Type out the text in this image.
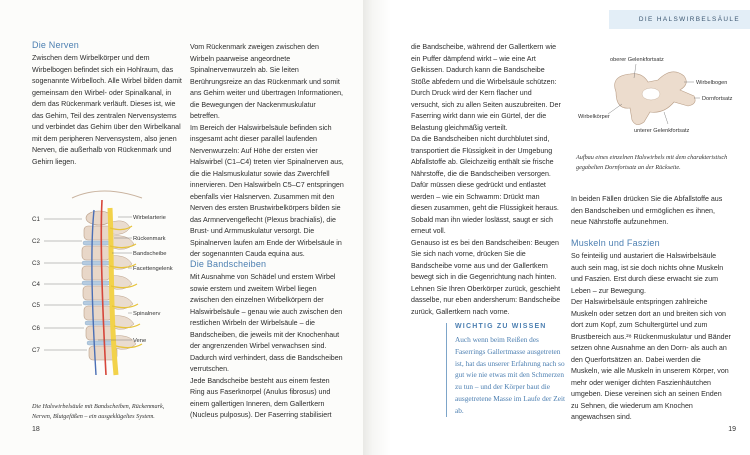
Die Nerven

Zwischen dem Wirbelkörper und dem Wirbelbogen befindet sich ein Hohlraum, das sogenannte Wirbelloch. Alle Wirbel bilden damit gemeinsam den Wirbel- oder Spinalkanal, in dem das Rückenmark verläuft. Dieses ist, wie das Gehirn, Teil des zentralen Nervensystems und verbindet das Gehirn über den Wirbelkanal mit dem peripheren Nervensystem, also jenen Nerven, die außerhalb von Rückenmark und Gehirn liegen.

C1
C2
C3
C4
C5
C6
C7
Wirbelarterie
Rückenmark
Bandscheibe
Facettengelenk
Spinalnerv
Vene
Die Halswirbelsäule mit Bandscheiben, Rückenmark, Nerven, Blutgefäßen – ein ausgeklügeltes System.

Vom Rückenmark zweigen zwischen den Wirbeln paarweise angeordnete Spinalnervenwurzeln ab. Sie leiten Berührungsreize an das Rückenmark und somit ans Gehirn weiter und übertragen Informationen, die Bewegungen der Nackenmuskulatur betreffen.

Im Bereich der Halswirbelsäule befinden sich insgesamt acht dieser parallel laufenden Nervenwurzeln: Auf Höhe der ersten vier Halswirbel (C1–C4) treten vier Spinalnerven aus, die die Halsmuskulatur sowie das Zwerchfell innervieren. Den Halswirbeln C5–C7 entspringen ebenfalls vier Halsnerven. Zusammen mit den Nerven des ersten Brustwirbelkörpers bilden sie das Armnervengeflecht (Plexus brachialis), die Brust- und Armmuskulatur versorgt. Die Spinalnerven laufen am Ende der Wirbelsäule in der sogenannten Cauda equina aus.

Die Bandscheiben

Mit Ausnahme von Schädel und erstem Wirbel sowie erstem und zweitem Wirbel liegen zwischen den einzelnen Wirbelkörpern der Halswirbelsäule – genau wie auch zwischen den restlichen Wirbeln der Wirbelsäule – die Bandscheiben, die jeweils mit der Knochenhaut der angrenzenden Wirbel verwachsen sind. Dadurch wird verhindert, dass die Bandscheiben verrutschen.

Jede Bandscheibe besteht aus einem festen Ring aus Faserknorpel (Anulus fibrosus) und einem gallertigen Inneren, dem Gallertkern (Nucleus pulposus). Der Faserring stabilisiert

18
DIE HALSWIRBELSÄULE

die Bandscheibe, während der Gallertkern wie ein Puffer dämpfend wirkt – wie eine Art Gelkissen. Dadurch kann die Bandscheibe Stöße abfedern und die Wirbelsäule schützen: Durch Druck wird der Kern flacher und versucht, sich zu allen Seiten auszubreiten. Der Faserring wirkt dann wie ein Gürtel, der die Belastung gleichmäßig verteilt.

Da die Bandscheiben nicht durchblutet sind, transportiert die Flüssigkeit in der Umgebung Abfallstoffe ab. Gleichzeitig enthält sie frische Nährstoffe, die die Bandscheiben versorgen. Dafür müssen diese gedrückt und entlastet werden – wie ein Schwamm: Drückt man diesen zusammen, geht die Flüssigkeit heraus. Sobald man ihn wieder loslässt, saugt er sich erneut voll.

Genauso ist es bei den Bandscheiben: Beugen Sie sich nach vorne, drücken Sie die Bandscheibe vorne aus und der Gallertkern bewegt sich in die Gegenrichtung nach hinten. Lehnen Sie Ihren Oberkörper zurück, geschieht dasselbe, nur eben andersherum: Bandscheibe zurück, Gallertkern nach vorne.

WICHTIG ZU WISSEN
Auch wenn beim Reißen des Faserrings Gallertmasse ausgetreten ist, hat das unserer Erfahrung nach so gut wie nie etwas mit den Schmerzen zu tun – und der Körper baut die ausgetretene Masse im Laufe der Zeit ab.
oberer Gelenkfortsatz
Wirbelbogen
Dornfortsatz
Wirbelkörper
unterer Gelenkfortsatz
Aufbau eines einzelnen Halswirbels mit dem charakteristisch gegabelten Dornfortsatz an der Rückseite.

In beiden Fällen drücken Sie die Abfallstoffe aus den Bandscheiben und ermöglichen es ihnen, neue Nährstoffe aufzunehmen.

Muskeln und Faszien

So feinteilig und austariert die Halswirbelsäule auch sein mag, ist sie doch nichts ohne Muskeln und Faszien. Erst durch diese erwacht sie zum Leben – zur Bewegung.

Der Halswirbelsäule entspringen zahlreiche Muskeln oder setzen dort an und breiten sich von dort zum Kopf, zum Schultergürtel und zum Brustbereich aus.²⁸ Rückenmuskulatur und Bänder setzen ohne Ausnahme an den Dorn- als auch an den Querfortsätzen an. Dabei werden die Muskeln, wie alle Muskeln in unserem Körper, von mehr oder weniger dichten Faszienhäutchen umgeben. Diese vereinen sich an seinen Enden zu Sehnen, die wiederum am Knochen angewachsen sind.

19
